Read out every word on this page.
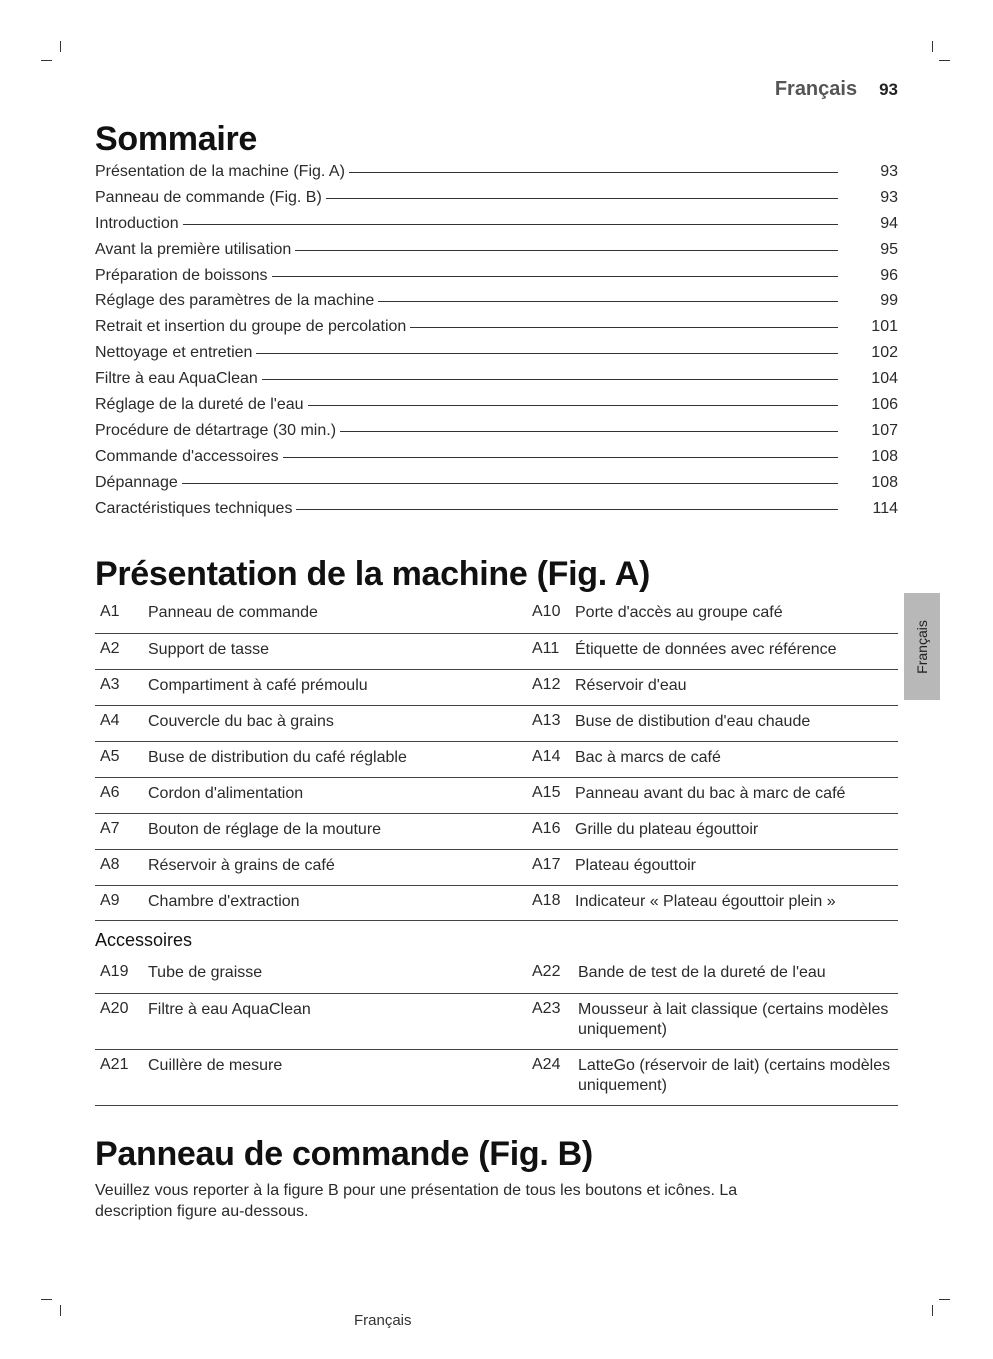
Français 93
Sommaire
Présentation de la machine (Fig. A)	93
Panneau de commande (Fig. B)	93
Introduction	94
Avant la première utilisation	95
Préparation de boissons	96
Réglage des paramètres de la machine	99
Retrait et insertion du groupe de percolation	101
Nettoyage et entretien	102
Filtre à eau AquaClean	104
Réglage de la dureté de l'eau	106
Procédure de détartrage (30 min.)	107
Commande d'accessoires	108
Dépannage	108
Caractéristiques techniques	114
Présentation de la machine (Fig. A)
A1	Panneau de commande	A10	Porte d'accès au groupe café

A2	Support de tasse	A11	Étiquette de données avec référence

A3	Compartiment à café prémoulu	A12	Réservoir d'eau

A4	Couvercle du bac à grains	A13	Buse de distibution d'eau chaude

A5	Buse de distribution du café réglable	A14	Bac à marcs de café

A6	Cordon d'alimentation	A15	Panneau avant du bac à marc de café

A7	Bouton de réglage de la mouture	A16	Grille du plateau égouttoir

A8	Réservoir à grains de café	A17	Plateau égouttoir

A9	Chambre d'extraction	A18	Indicateur « Plateau égouttoir plein »
Français
Accessoires
A19	Tube de graisse	A22	Bande de test de la dureté de l'eau

A20	Filtre à eau AquaClean	A23	Mousseur à lait classique (certains modèles uniquement)

A21	Cuillère de mesure	A24	LatteGo (réservoir de lait) (certains modèles uniquement)
Panneau de commande (Fig. B)

Veuillez vous reporter à la figure B pour une présentation de tous les boutons et icônes. La description figure au-dessous.

Français
